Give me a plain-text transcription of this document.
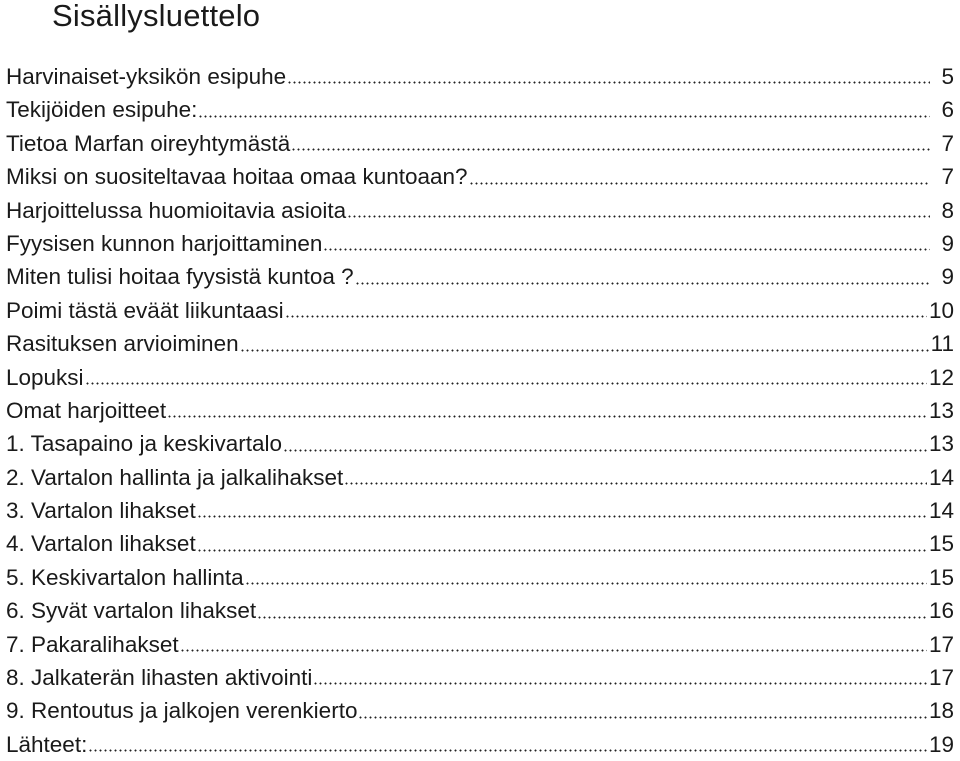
Sisällysluettelo
Harvinaiset-yksikön esipuhe	5
Tekijöiden esipuhe:	6
Tietoa Marfan oireyhtymästä	7
Miksi on suositeltavaa hoitaa omaa kuntoaan?	7
Harjoittelussa huomioitavia asioita	8
Fyysisen kunnon harjoittaminen	9
Miten tulisi hoitaa fyysistä kuntoa ?	9
Poimi tästä eväät liikuntaasi	10
Rasituksen arvioiminen	11
Lopuksi	12
Omat harjoitteet	13
1. Tasapaino ja keskivartalo	13
2. Vartalon hallinta ja jalkalihakset	14
3. Vartalon lihakset	14
4. Vartalon lihakset	15
5. Keskivartalon hallinta	15
6. Syvät vartalon lihakset	16
7. Pakaralihakset	17
8. Jalkaterän lihasten aktivointi	17
9. Rentoutus ja jalkojen verenkierto	18
Lähteet:	19
